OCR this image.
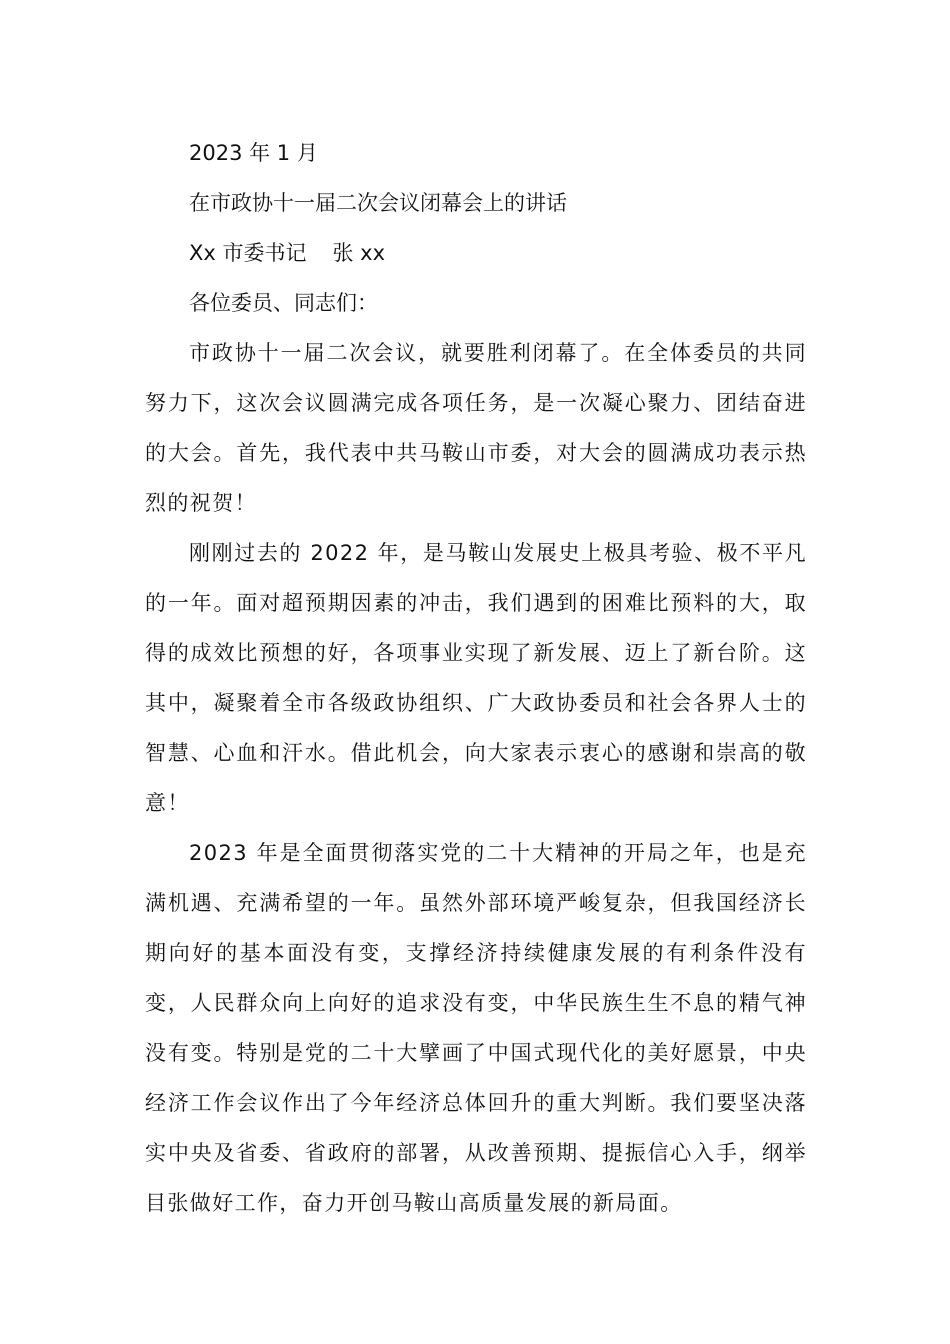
2023 年 1 月

在市政协十一届二次会议闭幕会上的讲话

Xx 市委书记 张 xx

各位委员、同志们：

市政协十一届二次会议，就要胜利闭幕了。在全体委员的共同努力下，这次会议圆满完成各项任务，是一次凝心聚力、团结奋进的大会。首先，我代表中共马鞍山市委，对大会的圆满成功表示热烈的祝贺！

刚刚过去的 2022 年，是马鞍山发展史上极具考验、极不平凡的一年。面对超预期因素的冲击，我们遇到的困难比预料的大，取得的成效比预想的好，各项事业实现了新发展、迈上了新台阶。这其中，凝聚着全市各级政协组织、广大政协委员和社会各界人士的智慧、心血和汗水。借此机会，向大家表示衷心的感谢和崇高的敬意！

2023 年是全面贯彻落实党的二十大精神的开局之年，也是充满机遇、充满希望的一年。虽然外部环境严峻复杂，但我国经济长期向好的基本面没有变，支撑经济持续健康发展的有利条件没有变，人民群众向上向好的追求没有变，中华民族生生不息的精气神没有变。特别是党的二十大擘画了中国式现代化的美好愿景，中央经济工作会议作出了今年经济总体回升的重大判断。我们要坚决落实中央及省委、省政府的部署，从改善预期、提振信心入手，纲举目张做好工作，奋力开创马鞍山高质量发展的新局面。
